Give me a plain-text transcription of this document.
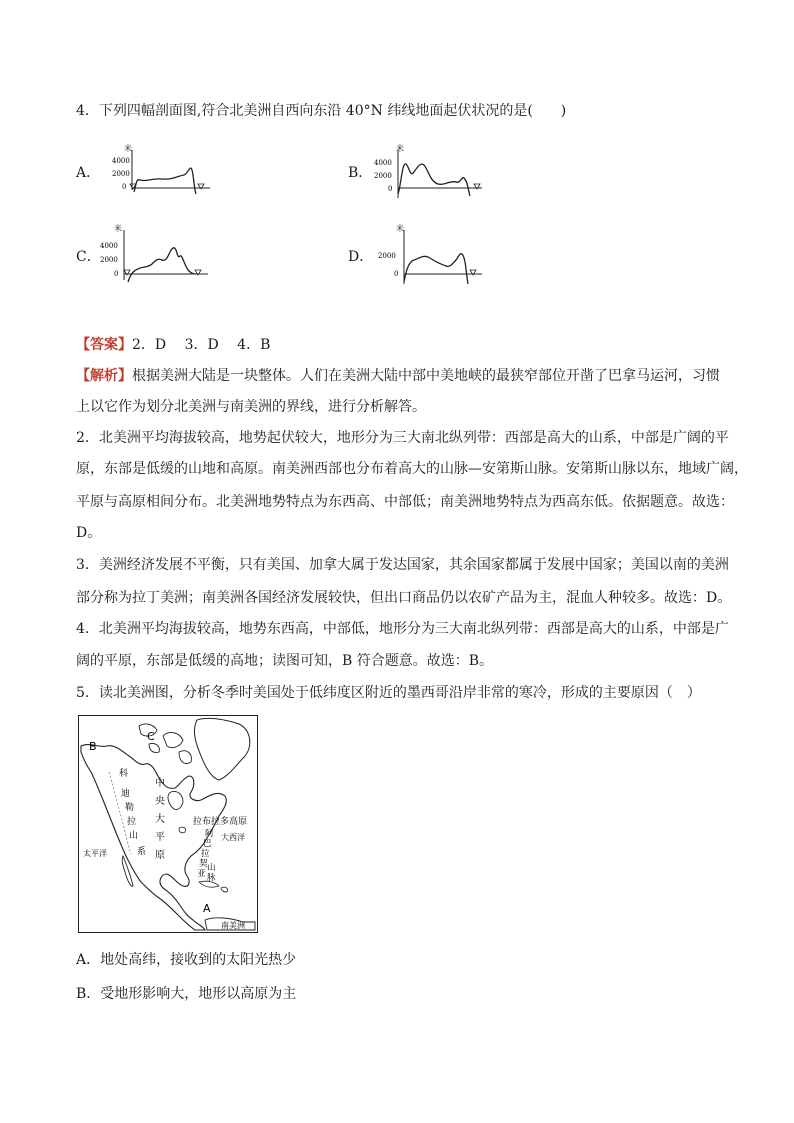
4．下列四幅剖面图,符合北美洲自西向东沿 40°N 纬线地面起伏状况的是(　　)
A．
米
4000
2000
0
B．
米
4000
2000
0
C．
米
4000
2000
0
D．
米
2000
0
【答案】2．D　 3．D　 4．B
【解析】根据美洲大陆是一块整体。人们在美洲大陆中部中美地峡的最狭窄部位开凿了巴拿马运河，习惯
上以它作为划分北美洲与南美洲的界线，进行分析解答。
2．北美洲平均海拔较高，地势起伏较大，地形分为三大南北纵列带：西部是高大的山系，中部是广阔的平
原，东部是低缓的山地和高原。南美洲西部也分布着高大的山脉—安第斯山脉。安第斯山脉以东，地域广阔，
平原与高原相间分布。北美洲地势特点为东西高、中部低；南美洲地势特点为西高东低。依据题意。故选：
D。
3．美洲经济发展不平衡，只有美国、加拿大属于发达国家，其余国家都属于发展中国家；美国以南的美洲
部分称为拉丁美洲；南美洲各国经济发展较快，但出口商品仍以农矿产品为主，混血人种较多。故选：D。
4．北美洲平均海拔较高，地势东西高，中部低，地形分为三大南北纵列带：西部是高大的山系，中部是广
阔的平原，东部是低缓的高地；读图可知，B 符合题意。故选：B。
5．读北美洲图，分析冬季时美国处于低纬度区附近的墨西哥沿岸非常的寒冷，形成的主要原因（　）
B
C
A
科
迪
勒
拉
山
系
中
央
大
平
原
拉布拉多高原
阿
巴
拉
契
亚
山
脉
大西洋
太平洋
南美洲
A．地处高纬，接收到的太阳光热少
B．受地形影响大，地形以高原为主
